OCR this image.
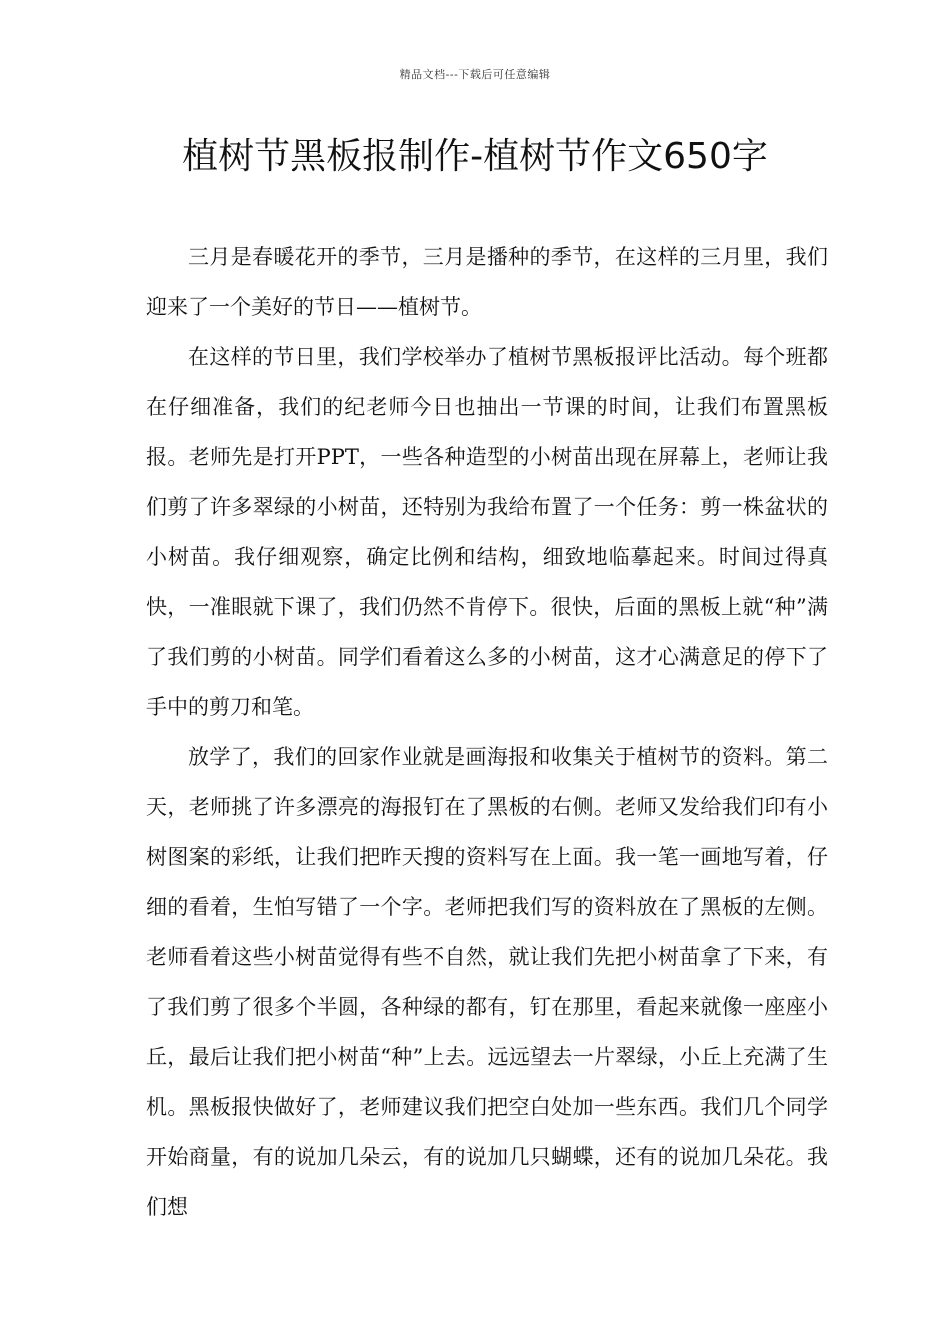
精品文档---下载后可任意编辑
植树节黑板报制作-植树节作文650字

三月是春暖花开的季节，三月是播种的季节，在这样的三月里，我们迎来了一个美好的节日——植树节。

在这样的节日里，我们学校举办了植树节黑板报评比活动。每个班都在仔细准备，我们的纪老师今日也抽出一节课的时间，让我们布置黑板报。老师先是打开PPT，一些各种造型的小树苗出现在屏幕上，老师让我们剪了许多翠绿的小树苗，还特别为我给布置了一个任务：剪一株盆状的小树苗。我仔细观察，确定比例和结构，细致地临摹起来。时间过得真快，一准眼就下课了，我们仍然不肯停下。很快，后面的黑板上就“种”满了我们剪的小树苗。同学们看着这么多的小树苗，这才心满意足的停下了手中的剪刀和笔。

放学了，我们的回家作业就是画海报和收集关于植树节的资料。第二天，老师挑了许多漂亮的海报钉在了黑板的右侧。老师又发给我们印有小树图案的彩纸，让我们把昨天搜的资料写在上面。我一笔一画地写着，仔细的看着，生怕写错了一个字。老师把我们写的资料放在了黑板的左侧。老师看着这些小树苗觉得有些不自然，就让我们先把小树苗拿了下来，有了我们剪了很多个半圆，各种绿的都有，钉在那里，看起来就像一座座小丘，最后让我们把小树苗“种”上去。远远望去一片翠绿，小丘上充满了生机。黑板报快做好了，老师建议我们把空白处加一些东西。我们几个同学开始商量，有的说加几朵云，有的说加几只蝴蝶，还有的说加几朵花。我们想
